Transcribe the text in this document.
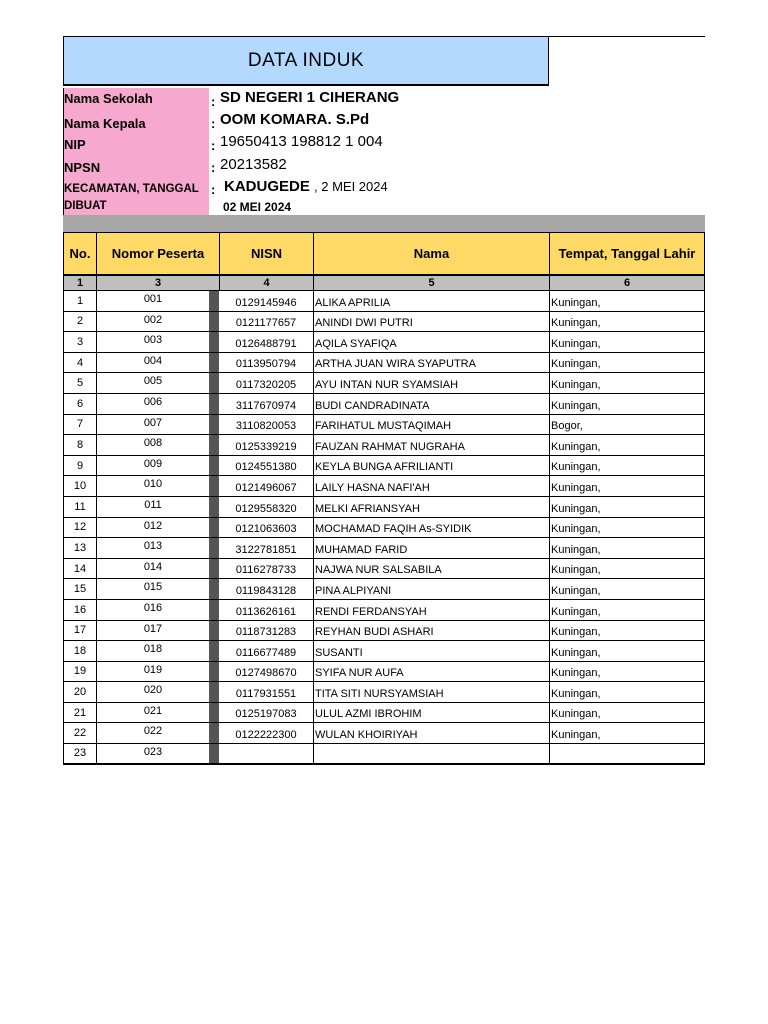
DATA INDUK
Nama Sekolah	: SD NEGERI 1 CIHERANG
Nama Kepala	: OOM KOMARA. S.Pd
NIP	: 19650413 198812 1 004
NPSN	: 20213582
KECAMATAN, TANGGAL DIBUAT
: KADUGEDE , 2 MEI 2024
02 MEI 2024
No.	Nomor Peserta	NISN	Nama	Tempat, Tanggal Lahir
1	3	4	5	6
1	001	0129145946	ALIKA APRILIA	Kuningan,
2	002	0121177657	ANINDI DWI PUTRI	Kuningan,
3	003	0126488791	AQILA SYAFIQA	Kuningan,
4	004	0113950794	ARTHA JUAN WIRA SYAPUTRA	Kuningan,
5	005	0117320205	AYU INTAN NUR SYAMSIAH	Kuningan,
6	006	3117670974	BUDI CANDRADINATA	Kuningan,
7	007	3110820053	FARIHATUL MUSTAQIMAH	Bogor,
8	008	0125339219	FAUZAN RAHMAT NUGRAHA	Kuningan,
9	009	0124551380	KEYLA BUNGA AFRILIANTI	Kuningan,
10	010	0121496067	LAILY HASNA NAFI'AH	Kuningan,
11	011	0129558320	MELKI AFRIANSYAH	Kuningan,
12	012	0121063603	MOCHAMAD FAQIH As-SYIDIK	Kuningan,
13	013	3122781851	MUHAMAD FARID	Kuningan,
14	014	0116278733	NAJWA NUR SALSABILA	Kuningan,
15	015	0119843128	PINA ALPIYANI	Kuningan,
16	016	0113626161	RENDI FERDANSYAH	Kuningan,
17	017	0118731283	REYHAN BUDI ASHARI	Kuningan,
18	018	0116677489	SUSANTI	Kuningan,
19	019	0127498670	SYIFA NUR AUFA	Kuningan,
20	020	0117931551	TITA SITI NURSYAMSIAH	Kuningan,
21	021	0125197083	ULUL AZMI IBROHIM	Kuningan,
22	022	0122222300	WULAN KHOIRIYAH	Kuningan,
23	023
